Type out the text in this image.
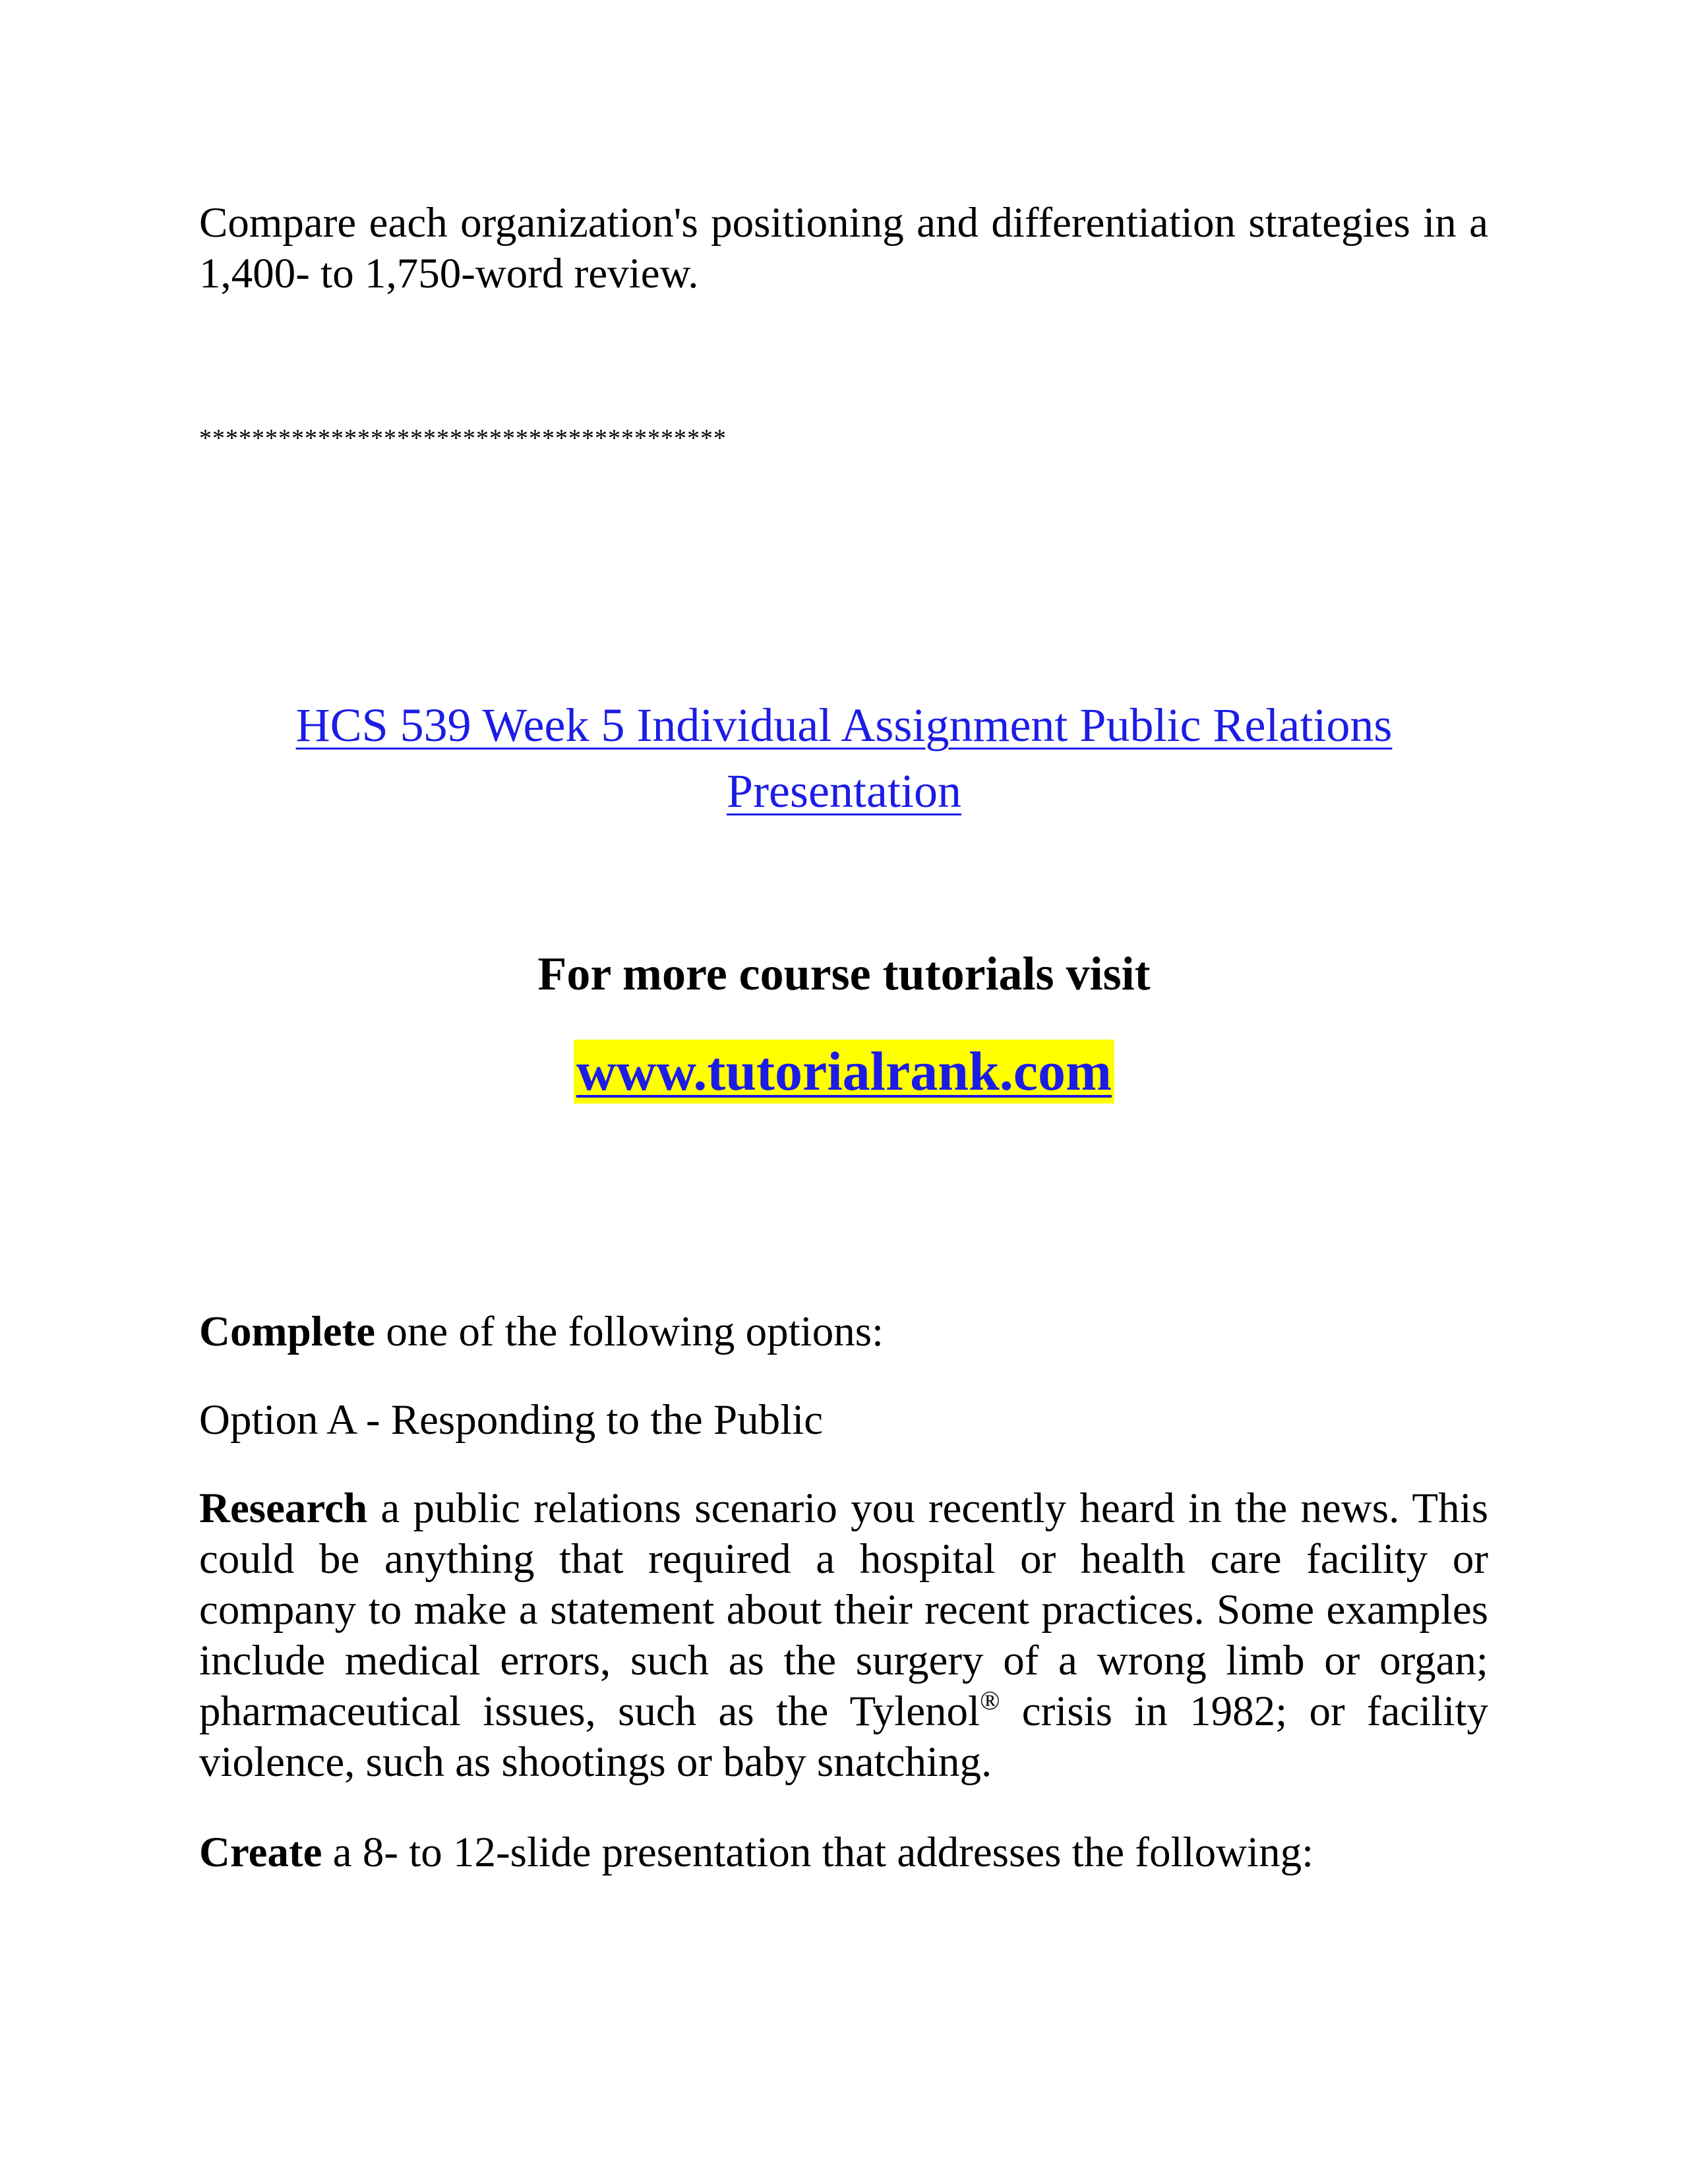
Compare each organization's positioning and differentiation strategies in a 1,400- to 1,750-word review.
****************************************
HCS 539 Week 5 Individual Assignment Public Relations
Presentation
For more course tutorials visit
www.tutorialrank.com
Complete one of the following options:
Option A - Responding to the Public
Research a public relations scenario you recently heard in the news. This could be anything that required a hospital or health care facility or company to make a statement about their recent practices. Some examples include medical errors, such as the surgery of a wrong limb or organ; pharmaceutical issues, such as the Tylenol® crisis in 1982; or facility violence, such as shootings or baby snatching.
Create a 8- to 12-slide presentation that addresses the following:
